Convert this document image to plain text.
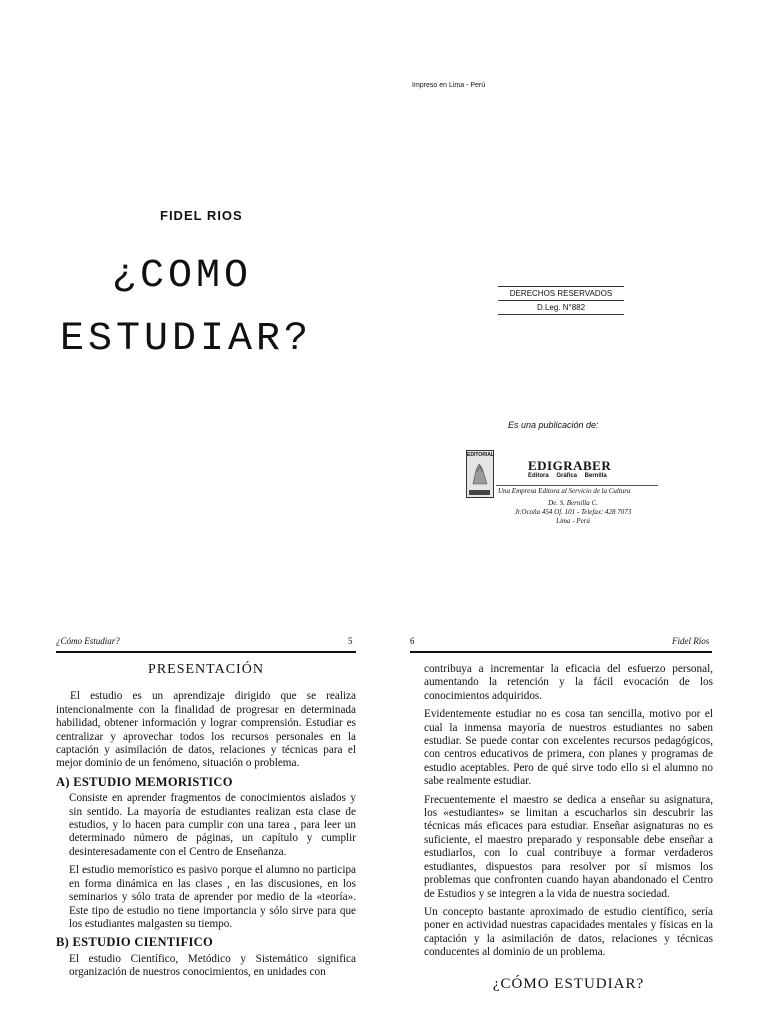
FIDEL RIOS
¿COMO
ESTUDIAR?
Impreso en Lima - Perú
DERECHOS RESERVADOS
D.Leg. N°882
Es una publicación de:
EDITORIAL
EDIGRABER
Editora Gráfica Bernilla
Una Empresa Editora al Servicio de la Cultura
De. S. Bernilla C.
Jr.Ocoña 454 Of. 101 - Telefax: 428 7073
Lima - Perú
¿Cómo Estudiar?	5
PRESENTACIÓN

El estudio es un aprendizaje dirigido que se realiza intencionalmente con la finalidad de progresar en determinada habilidad, obtener información y lograr comprensión. Estudiar es centralizar y aprovechar todos los recursos personales en la captación y asimilación de datos, relaciones y técnicas para el mejor dominio de un fenómeno, situación o problema.

A) ESTUDIO MEMORISTICO

Consiste en aprender fragmentos de conocimientos aislados y sin sentido. La mayoría de estudiantes realizan esta clase de estudios, y lo hacen para cumplir con una tarea , para leer un determinado número de páginas, un capítulo y cumplir desinteresadamente con el Centro de Enseñanza.

El estudio memorístico es pasivo porque el alumno no participa en forma dinámica en las clases , en las discusiones, en los seminarios y sólo trata de aprender por medio de la «teoría». Este tipo de estudio no tiene importancia y sólo sirve para que los estudiantes malgasten su tiempo.

B) ESTUDIO CIENTIFICO

El estudio Científico, Metódico y Sistemático significa organización de nuestros conocimientos, en unidades con

6	Fidel Rios

contribuya a incrementar la eficacia del esfuerzo personal, aumentando la retención y la fácil evocación de los conocimientos adquiridos.

Evidentemente estudiar no es cosa tan sencilla, motivo por el cual la inmensa mayoría de nuestros estudiantes no saben estudiar. Se puede contar con excelentes recursos pedagógicos, con centros educativos de primera, con planes y programas de estudio aceptables. Pero de qué sirve todo ello si el alumno no sabe realmente estudiar.

Frecuentemente el maestro se dedica a enseñar su asignatura, los «estudiantes» se limitan a escucharlos sin descubrir las técnicas más eficaces para estudiar. Enseñar asignaturas no es suficiente, el maestro preparado y responsable debe enseñar a estudiarlos, con lo cual contribuye a formar verdaderos estudiantes, dispuestos para resolver por sí mismos los problemas que confronten cuando hayan abandonado el Centro de Estudios y se integren a la vida de nuestra sociedad.

Un concepto bastante aproximado de estudio científico, sería poner en actividad nuestras capacidades mentales y físicas en la captación y la asimilación de datos, relaciones y técnicas conducentes al dominio de un problema.

¿CÓMO ESTUDIAR?
